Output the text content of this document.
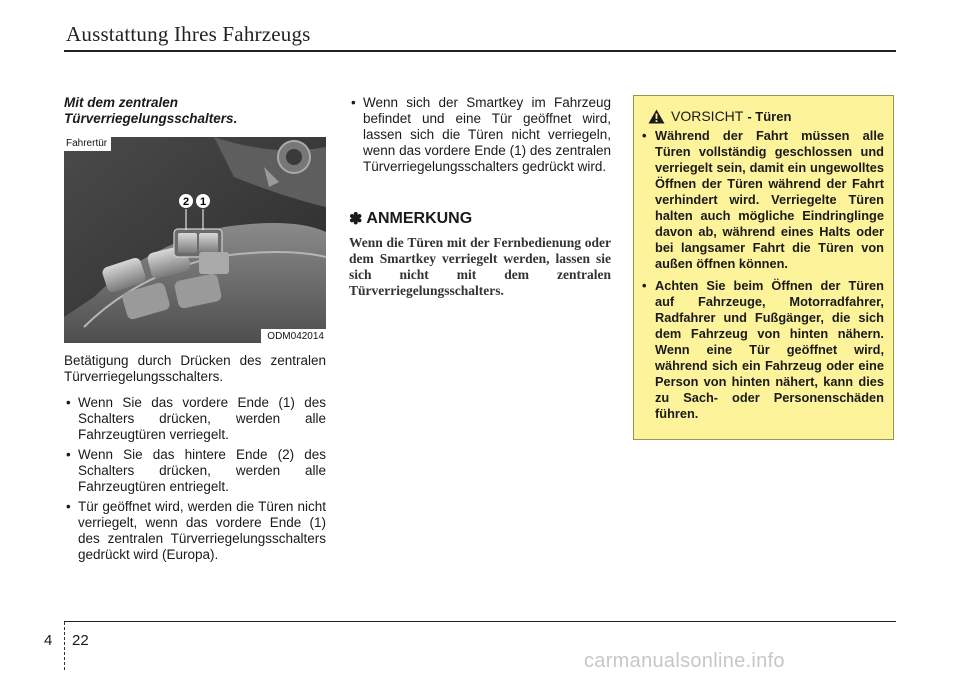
Ausstattung Ihres Fahrzeugs
Mit dem zentralen
Türverriegelungsschalters.
2 1
Fahrertür
ODM042014

Betätigung durch Drücken des zentralen Türverriegelungsschalters.

• Wenn Sie das vordere Ende (1) des Schalters drücken, werden alle Fahrzeugtüren verriegelt.
• Wenn Sie das hintere Ende (2) des Schalters drücken, werden alle Fahrzeugtüren entriegelt.
• Tür geöffnet wird, werden die Türen nicht verriegelt, wenn das vordere Ende (1) des zentralen Türverriegelungsschalters gedrückt wird (Europa).
• Wenn sich der Smartkey im Fahrzeug befindet und eine Tür geöffnet wird, lassen sich die Türen nicht verriegeln, wenn das vordere Ende (1) des zentralen Türverriegelungsschalters gedrückt wird.
✽ ANMERKUNG
Wenn die Türen mit der Fernbedienung oder dem Smartkey verriegelt werden, lassen sie sich nicht mit dem zentralen Türverriegelungsschalters.
VORSICHT - Türen
• Während der Fahrt müssen alle Türen vollständig geschlossen und verriegelt sein, damit ein ungewolltes Öffnen der Türen während der Fahrt verhindert wird. Verriegelte Türen halten auch mögliche Eindringlinge davon ab, während eines Halts oder bei langsamer Fahrt die Türen von außen öffnen können.
• Achten Sie beim Öffnen der Türen auf Fahrzeuge, Motorradfahrer, Radfahrer und Fußgänger, die sich dem Fahrzeug von hinten nähern. Wenn eine Tür geöffnet wird, während sich ein Fahrzeug oder eine Person von hinten nähert, kann dies zu Sach- oder Personenschäden führen.
4 22
carmanualsonline.info
